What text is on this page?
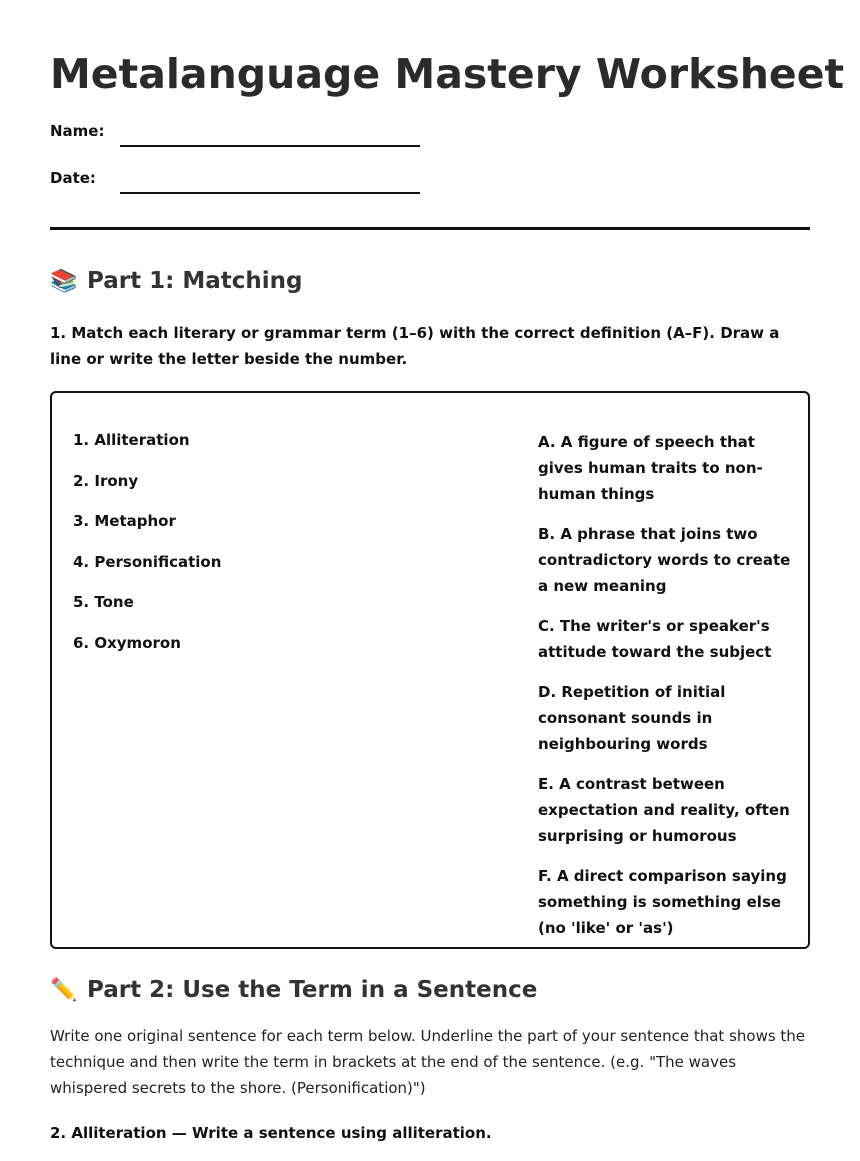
Metalanguage Mastery Worksheet
Name:
Date:
📚 Part 1: Matching

1. Match each literary or grammar term (1–6) with the correct definition (A–F). Draw a line or write the letter beside the number.

1. Alliteration
2. Irony
3. Metaphor
4. Personification
5. Tone
6. Oxymoron
A. A figure of speech that gives human traits to non-human things
B. A phrase that joins two contradictory words to create a new meaning
C. The writer's or speaker's attitude toward the subject
D. Repetition of initial consonant sounds in neighbouring words
E. A contrast between expectation and reality, often surprising or humorous
F. A direct comparison saying something is something else (no 'like' or 'as')
✏️ Part 2: Use the Term in a Sentence

Write one original sentence for each term below. Underline the part of your sentence that shows the technique and then write the term in brackets at the end of the sentence. (e.g. "The waves whispered secrets to the shore. (Personification)")

2. Alliteration — Write a sentence using alliteration.
